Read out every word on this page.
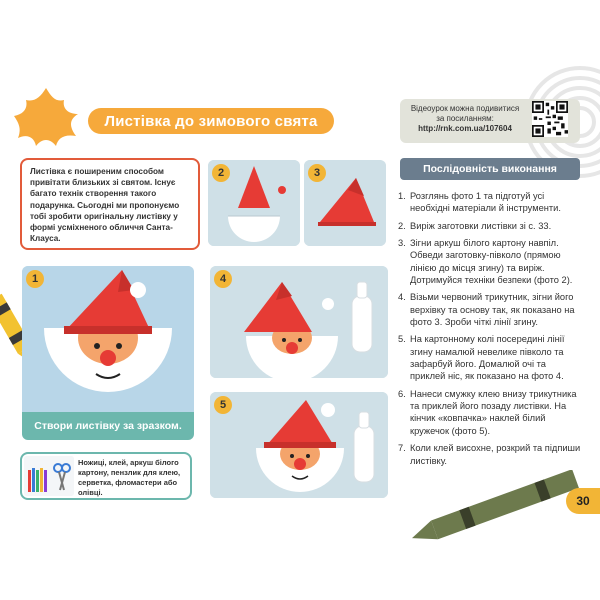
Листівка до зимового свята
Відеоурок можна подивитися
за посиланням:
http://rnk.com.ua/107604
Листівка є поширеним способом привітати близьких зі святом. Існує багато технік створення такого подарунка. Сьогодні ми пропонуємо тобі зробити оригінальну листівку у формі усміхненого обличчя Санта-Клауса.
2	3
1
Створи листівку за зразком.
4
5
Ножиці, клей, аркуш білого картону, пензлик для клею, серветка, фломастери або олівці.
Послідовність виконання
1. Розглянь фото 1 та підготуй усі необхідні матеріали й інструменти.
2. Виріж заготовки листівки зі с. 33.
3. Зігни аркуш білого картону навпіл. Обведи заготовку-півколо (прямою лінією до місця згину) та виріж. Дотримуйся техніки безпеки (фото 2).
4. Візьми червоний трикутник, зігни його верхівку та основу так, як показано на фото 3. Зроби чіткі лінії згину.
5. На картонному колі посередині лінії згину намалюй невелике півколо та зафарбуй його. Домалюй очі та приклей ніс, як показано на фото 4.
6. Нанеси смужку клею внизу трикутника та приклей його позаду листівки. На кінчик «ковпачка» наклей білий кружечок (фото 5).
7. Коли клей висохне, розкрий та підпиши листівку.
30
